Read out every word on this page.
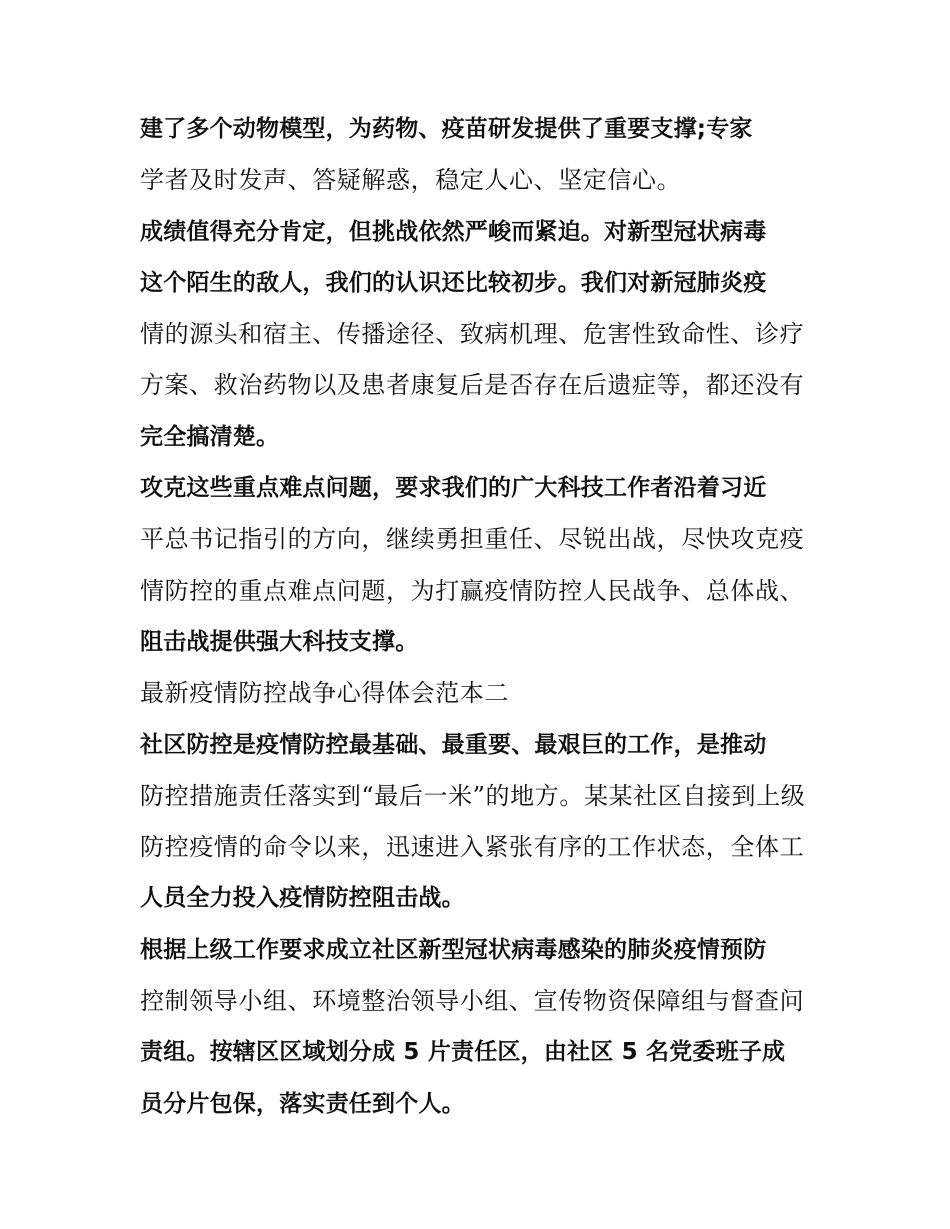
建了多个动物模型，为药物、疫苗研发提供了重要支撑;专家
学者及时发声、答疑解惑，稳定人心、坚定信心。
成绩值得充分肯定，但挑战依然严峻而紧迫。对新型冠状病毒
这个陌生的敌人，我们的认识还比较初步。我们对新冠肺炎疫
情的源头和宿主、传播途径、致病机理、危害性致命性、诊疗
方案、救治药物以及患者康复后是否存在后遗症等，都还没有
完全搞清楚。
攻克这些重点难点问题，要求我们的广大科技工作者沿着习近
平总书记指引的方向，继续勇担重任、尽锐出战，尽快攻克疫
情防控的重点难点问题，为打赢疫情防控人民战争、总体战、
阻击战提供强大科技支撑。
最新疫情防控战争心得体会范本二
社区防控是疫情防控最基础、最重要、最艰巨的工作，是推动
防控措施责任落实到“最后一米”的地方。某某社区自接到上级
防控疫情的命令以来，迅速进入紧张有序的工作状态，全体工
人员全力投入疫情防控阻击战。
根据上级工作要求成立社区新型冠状病毒感染的肺炎疫情预防
控制领导小组、环境整治领导小组、宣传物资保障组与督查问
责组。按辖区区域划分成 5 片责任区，由社区 5 名党委班子成
员分片包保，落实责任到个人。
